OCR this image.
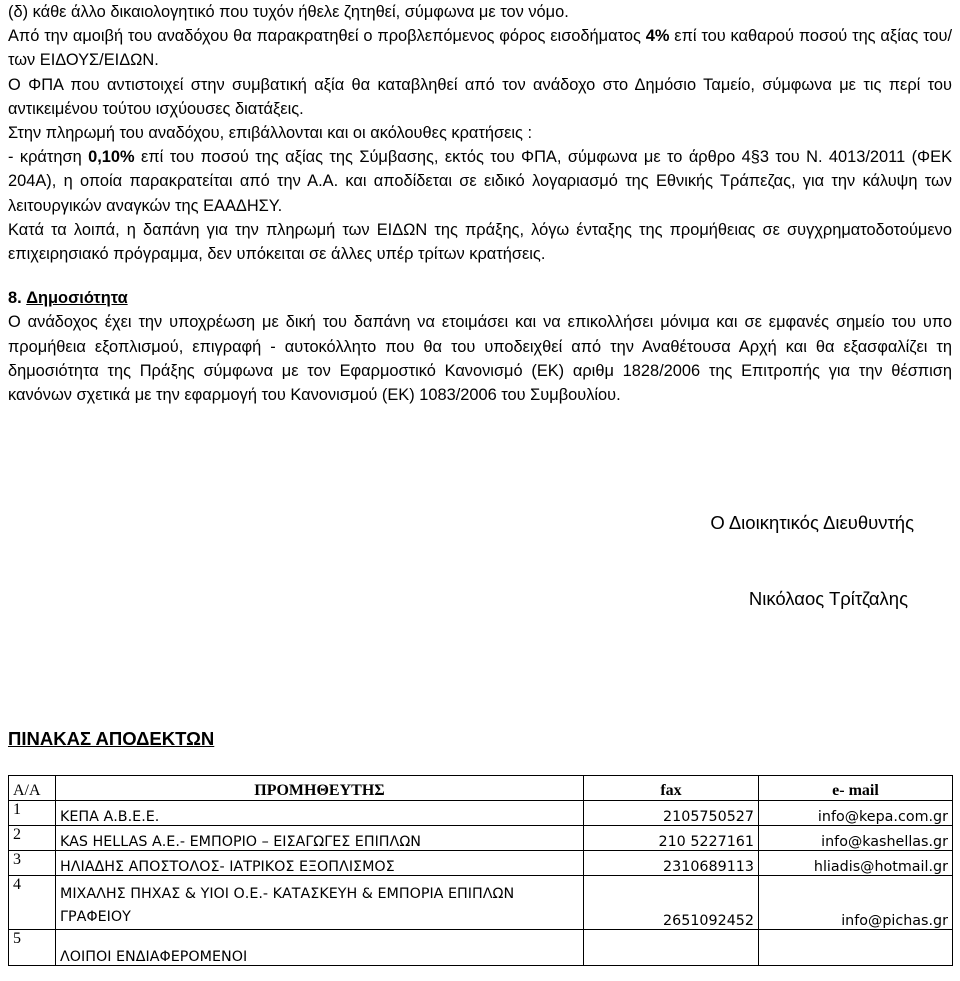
(δ) κάθε άλλο δικαιολογητικό που τυχόν ήθελε ζητηθεί, σύμφωνα με τον νόμο.

Από την αμοιβή του αναδόχου θα παρακρατηθεί ο προβλεπόμενος φόρος εισοδήματος 4% επί του καθαρού ποσού της αξίας του/των ΕΙΔΟΥΣ/ΕΙΔΩΝ.

Ο ΦΠΑ που αντιστοιχεί στην συμβατική αξία θα καταβληθεί από τον ανάδοχο στο Δημόσιο Ταμείο, σύμφωνα με τις περί του αντικειμένου τούτου ισχύουσες διατάξεις.

Στην πληρωμή του αναδόχου, επιβάλλονται και οι ακόλουθες κρατήσεις :

- κράτηση 0,10% επί του ποσού της αξίας της Σύμβασης, εκτός του ΦΠΑ, σύμφωνα με το άρθρο 4§3 του Ν. 4013/2011 (ΦΕΚ 204Α), η οποία παρακρατείται από την Α.Α. και αποδίδεται σε ειδικό λογαριασμό της Εθνικής Τράπεζας, για την κάλυψη των λειτουργικών αναγκών της ΕΑΑΔΗΣΥ.

Κατά τα λοιπά, η δαπάνη για την πληρωμή των ΕΙΔΩΝ της πράξης, λόγω ένταξης της προμήθειας σε συγχρηματοδοτούμενο επιχειρησιακό πρόγραμμα, δεν υπόκειται σε άλλες υπέρ τρίτων κρατήσεις.

8. Δημοσιότητα

Ο ανάδοχος έχει την υποχρέωση με δική του δαπάνη να ετοιμάσει και να επικολλήσει μόνιμα και σε εμφανές σημείο του υπο προμήθεια εξοπλισμού, επιγραφή - αυτοκόλλητο που θα του υποδειχθεί από την Αναθέτουσα Αρχή και θα εξασφαλίζει τη δημοσιότητα της Πράξης σύμφωνα με τον Εφαρμοστικό Κανονισμό (ΕΚ) αριθμ 1828/2006 της Επιτροπής για την θέσπιση κανόνων σχετικά με την εφαρμογή του Κανονισμού (ΕΚ) 1083/2006 του Συμβουλίου.

Ο Διοικητικός Διευθυντής
Νικόλαος Τρίτζαλης
ΠΙΝΑΚΑΣ ΑΠΟΔΕΚΤΩΝ
Α/Α	ΠΡΟΜΗΘΕΥΤΗΣ	fax	e- mail
1	ΚΕΠΑ Α.Β.Ε.Ε.	2105750527	info@kepa.com.gr
2	KAS HELLAS Α.Ε.- ΕΜΠΟΡΙΟ – ΕΙΣΑΓΩΓΕΣ ΕΠΙΠΛΩΝ	210 5227161	info@kashellas.gr
3	ΗΛΙΑΔΗΣ ΑΠΟΣΤΟΛΟΣ- ΙΑΤΡΙΚΟΣ ΕΞΟΠΛΙΣΜΟΣ	2310689113	hliadis@hotmail.gr
4	ΜΙΧΑΛΗΣ ΠΗΧΑΣ & ΥΙΟΙ Ο.Ε.- ΚΑΤΑΣΚΕΥΗ & ΕΜΠΟΡΙΑ ΕΠΙΠΛΩΝ
ΓΡΑΦΕΙΟΥ	2651092452	info@pichas.gr
5	ΛΟΙΠΟΙ ΕΝΔΙΑΦΕΡΟΜΕΝΟΙ		
